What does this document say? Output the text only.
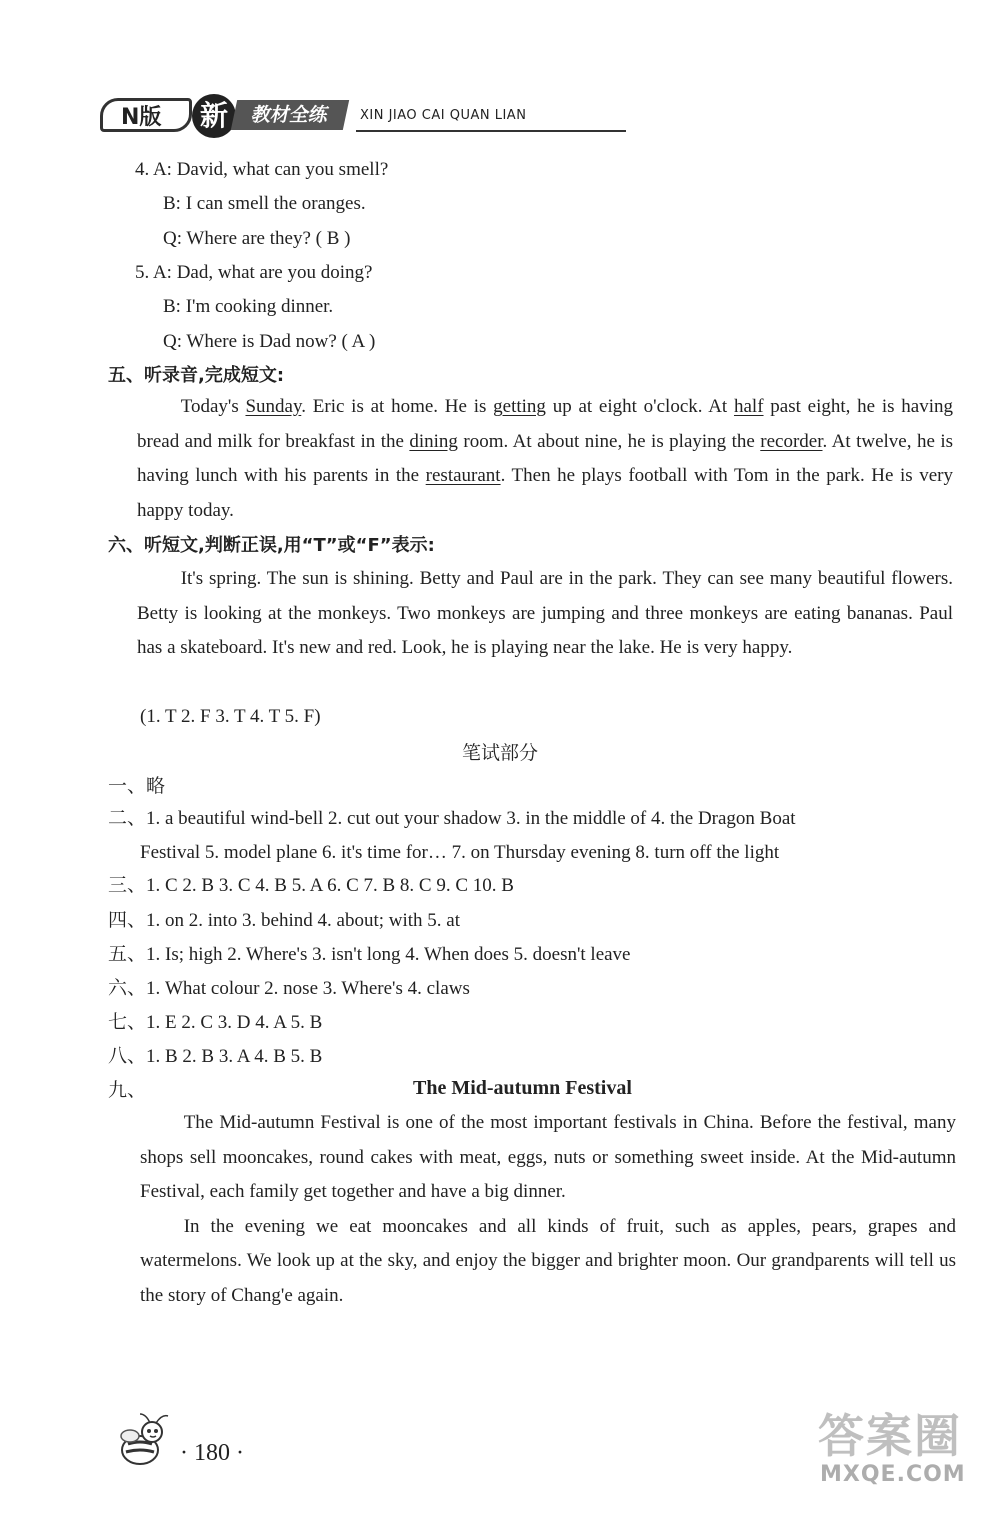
N版	新	教材全练	XIN JIAO CAI QUAN LIAN
4. A: David, what can you smell?
B: I can smell the oranges.
Q: Where are they? ( B )
5. A: Dad, what are you doing?
B: I'm cooking dinner.
Q: Where is Dad now? ( A )
五、听录音,完成短文:

Today's Sunday. Eric is at home. He is getting up at eight o'clock. At half past eight, he is having bread and milk for breakfast in the dining room. At about nine, he is playing the recorder. At twelve, he is having lunch with his parents in the restaurant. Then he plays football with Tom in the park. He is very happy today.

六、听短文,判断正误,用“T”或“F”表示:

It's spring. The sun is shining. Betty and Paul are in the park. They can see many beautiful flowers. Betty is looking at the monkeys. Two monkeys are jumping and three monkeys are eating bananas. Paul has a skateboard. It's new and red. Look, he is playing near the lake. He is very happy.

(1. T 2. F 3. T 4. T 5. F)
笔试部分
一、略
二、1. a beautiful wind-bell 2. cut out your shadow 3. in the middle of 4. the Dragon Boat
Festival 5. model plane 6. it's time for… 7. on Thursday evening 8. turn off the light
三、1. C 2. B 3. C 4. B 5. A 6. C 7. B 8. C 9. C 10. B
四、1. on 2. into 3. behind 4. about; with 5. at
五、1. Is; high 2. Where's 3. isn't long 4. When does 5. doesn't leave
六、1. What colour 2. nose 3. Where's 4. claws
七、1. E 2. C 3. D 4. A 5. B
八、1. B 2. B 3. A 4. B 5. B
九、	The Mid-autumn Festival

The Mid-autumn Festival is one of the most important festivals in China. Before the festival, many shops sell mooncakes, round cakes with meat, eggs, nuts or something sweet inside. At the Mid-autumn Festival, each family get together and have a big dinner.

In the evening we eat mooncakes and all kinds of fruit, such as apples, pears, grapes and watermelons. We look up at the sky, and enjoy the bigger and brighter moon. Our grandparents will tell us the story of Chang'e again.

· 180 ·	答案圈
MXQE.COM
